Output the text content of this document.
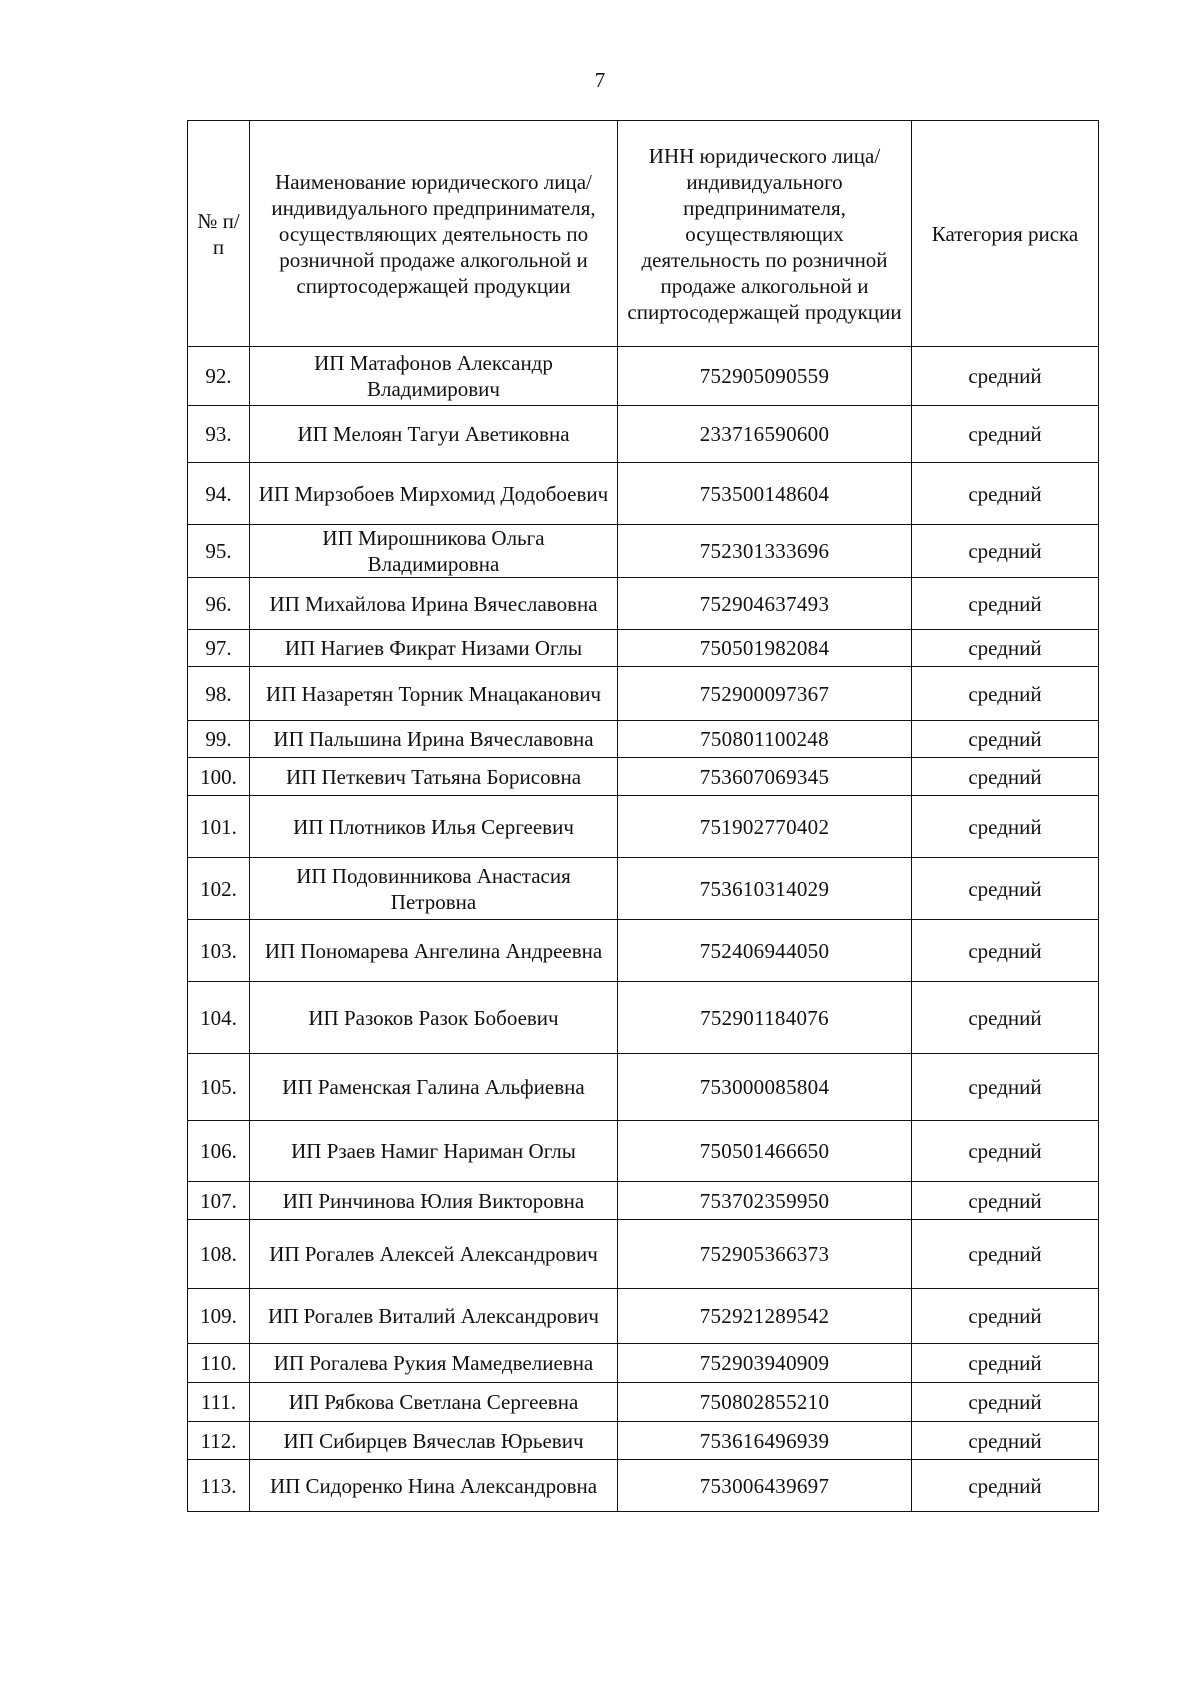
7
№ п/п	Наименование юридического лица/индивидуального предпринимателя, осуществляющих деятельность по розничной продаже алкогольной и спиртосодержащей продукции	ИНН юридического лица/индивидуального предпринимателя, осуществляющих деятельность по розничной продаже алкогольной и спиртосодержащей продукции	Категория риска
92.	ИП Матафонов Александр Владимирович	752905090559	средний
93.	ИП Мелоян Тагуи Аветиковна	233716590600	средний
94.	ИП Мирзобоев Мирхомид Додобоевич	753500148604	средний
95.	ИП Мирошникова Ольга Владимировна	752301333696	средний
96.	ИП Михайлова Ирина Вячеславовна	752904637493	средний
97.	ИП Нагиев Фикрат Низами Оглы	750501982084	средний
98.	ИП Назаретян Торник Мнацаканович	752900097367	средний
99.	ИП Пальшина Ирина Вячеславовна	750801100248	средний
100.	ИП Петкевич Татьяна Борисовна	753607069345	средний
101.	ИП Плотников Илья Сергеевич	751902770402	средний
102.	ИП Подовинникова Анастасия Петровна	753610314029	средний
103.	ИП Пономарева Ангелина Андреевна	752406944050	средний
104.	ИП Разоков Разок Бобоевич	752901184076	средний
105.	ИП Раменская Галина Альфиевна	753000085804	средний
106.	ИП Рзаев Намиг Нариман Оглы	750501466650	средний
107.	ИП Ринчинова Юлия Викторовна	753702359950	средний
108.	ИП Рогалев Алексей Александрович	752905366373	средний
109.	ИП Рогалев Виталий Александрович	752921289542	средний
110.	ИП Рогалева Рукия Мамедвелиевна	752903940909	средний
111.	ИП Рябкова Светлана Сергеевна	750802855210	средний
112.	ИП Сибирцев Вячеслав Юрьевич	753616496939	средний
113.	ИП Сидоренко Нина Александровна	753006439697	средний
